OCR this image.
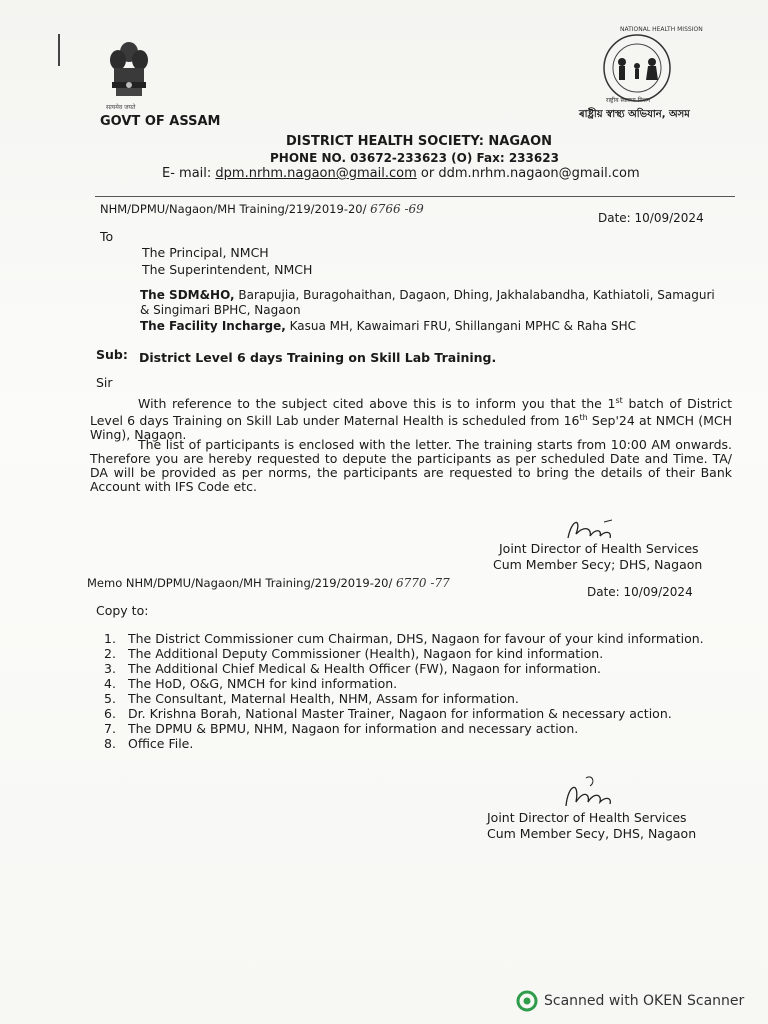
सत्यमेव जयते
GOVT OF ASSAM
NATIONAL HEALTH MISSION
राष्ट्रीय स्वास्थ्य मिशन
ৰাষ্ট্ৰীয় স্বাস্থ্য অভিযান, অসম
DISTRICT HEALTH SOCIETY: NAGAON
PHONE NO. 03672-233623 (O) Fax: 233623
E- mail: dpm.nrhm.nagaon@gmail.com or ddm.nrhm.nagaon@gmail.com
NHM/DPMU/Nagaon/MH Training/219/2019-20/ 6766 -69
Date: 10/09/2024
To
The Principal, NMCH
The Superintendent, NMCH
The SDM&HO, Barapujia, Buragohaithan, Dagaon, Dhing, Jakhalabandha, Kathiatoli, Samaguri
& Singimari BPHC, Nagaon
The Facility Incharge, Kasua MH, Kawaimari FRU, Shillangani MPHC & Raha SHC
Sub: District Level 6 days Training on Skill Lab Training.
Sir
With reference to the subject cited above this is to inform you that the 1st batch of District Level 6 days Training on Skill Lab under Maternal Health is scheduled from 16th Sep'24 at NMCH (MCH Wing), Nagaon.
The list of participants is enclosed with the letter. The training starts from 10:00 AM onwards. Therefore you are hereby requested to depute the participants as per scheduled Date and Time. TA/ DA will be provided as per norms, the participants are requested to bring the details of their Bank Account with IFS Code etc.
Joint Director of Health Services
Cum Member Secy; DHS, Nagaon
Memo NHM/DPMU/Nagaon/MH Training/219/2019-20/ 6770 -77
Date: 10/09/2024
Copy to:
1. The District Commissioner cum Chairman, DHS, Nagaon for favour of your kind information.
2. The Additional Deputy Commissioner (Health), Nagaon for kind information.
3. The Additional Chief Medical & Health Officer (FW), Nagaon for information.
4. The HoD, O&G, NMCH for kind information.
5. The Consultant, Maternal Health, NHM, Assam for information.
6. Dr. Krishna Borah, National Master Trainer, Nagaon for information & necessary action.
7. The DPMU & BPMU, NHM, Nagaon for information and necessary action.
8. Office File.
Joint Director of Health Services
Cum Member Secy, DHS, Nagaon
Scanned with OKEN Scanner
